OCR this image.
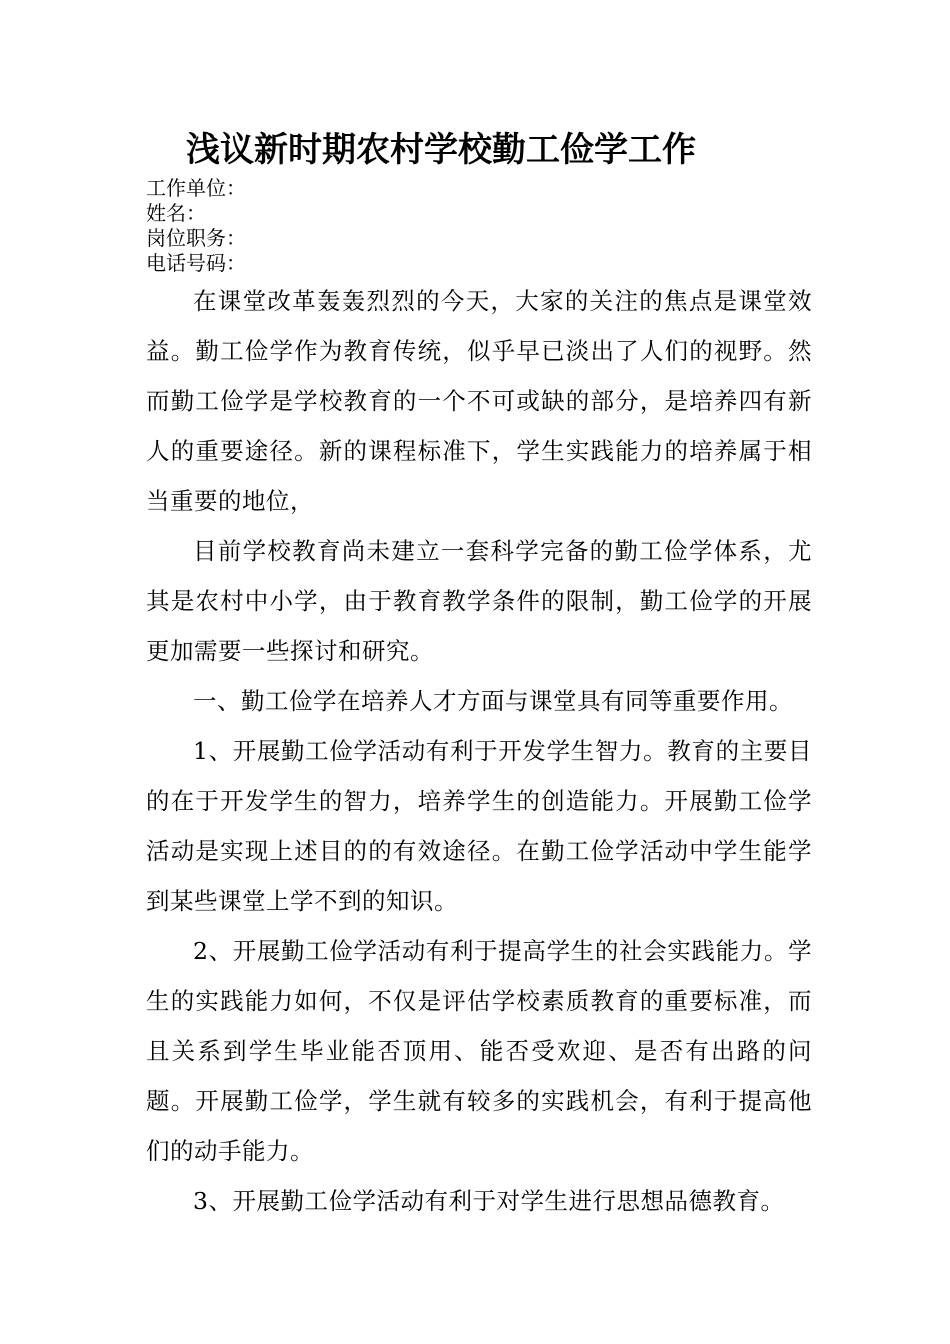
浅议新时期农村学校勤工俭学工作
工作单位：
姓名：
岗位职务：
电话号码：

在课堂改革轰轰烈烈的今天，大家的关注的焦点是课堂效益。勤工俭学作为教育传统，似乎早已淡出了人们的视野。然而勤工俭学是学校教育的一个不可或缺的部分，是培养四有新人的重要途径。新的课程标准下，学生实践能力的培养属于相当重要的地位，

目前学校教育尚未建立一套科学完备的勤工俭学体系，尤其是农村中小学，由于教育教学条件的限制，勤工俭学的开展更加需要一些探讨和研究。

一、勤工俭学在培养人才方面与课堂具有同等重要作用。

1、开展勤工俭学活动有利于开发学生智力。教育的主要目的在于开发学生的智力，培养学生的创造能力。开展勤工俭学活动是实现上述目的的有效途径。在勤工俭学活动中学生能学到某些课堂上学不到的知识。

2、开展勤工俭学活动有利于提高学生的社会实践能力。学生的实践能力如何，不仅是评估学校素质教育的重要标准，而且关系到学生毕业能否顶用、能否受欢迎、是否有出路的问题。开展勤工俭学，学生就有较多的实践机会，有利于提高他们的动手能力。

3、开展勤工俭学活动有利于对学生进行思想品德教育。
